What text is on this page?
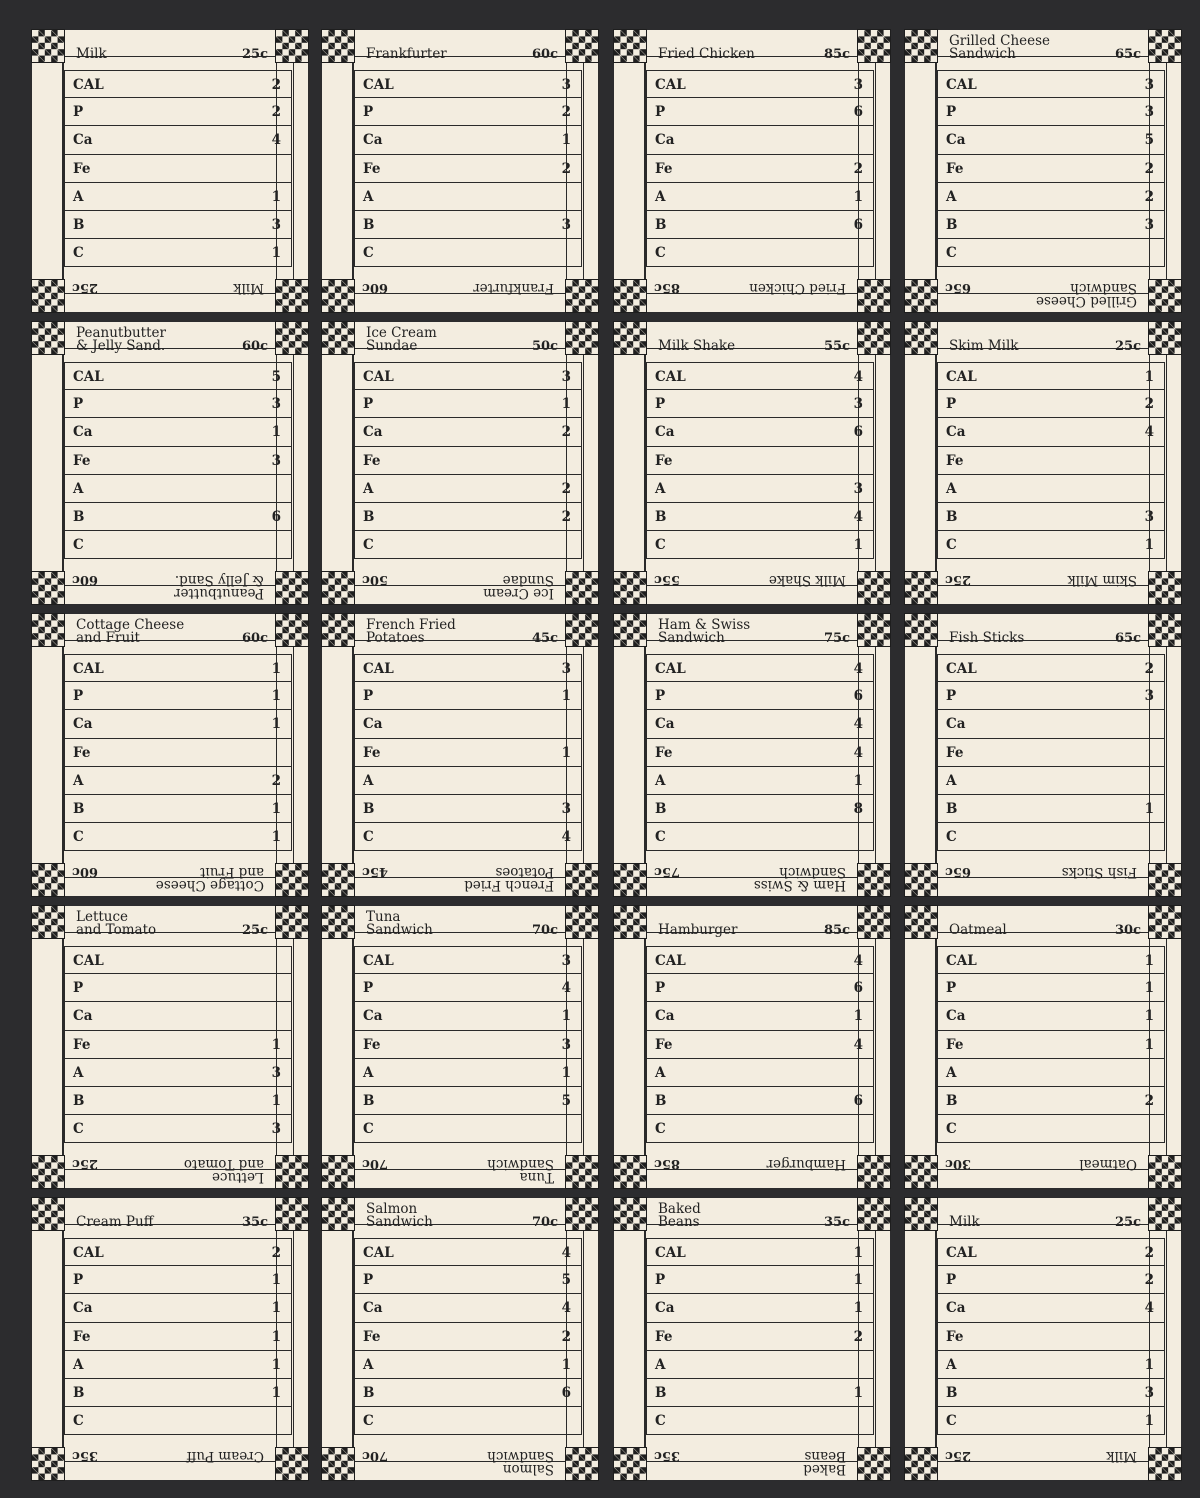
Milk	25c
CAL	2
P	2
Ca	4
Fe
A	1
B	3
C	1
Milk
25c
Frankfurter	60c
CAL	3
P	2
Ca	1
Fe	2
A
B	3
C
Frankfurter
60c
Fried Chicken	85c
CAL	3
P	6
Ca
Fe	2
A	1
B	6
C
Fried Chicken
85c
Grilled Cheese
Sandwich	65c
CAL	3
P	3
Ca	5
Fe	2
A	2
B	3
C
Grilled Cheese
Sandwich
65c
Peanutbutter
& Jelly Sand.	60c
CAL	5
P	3
Ca	1
Fe	3
A
B	6
C
Peanutbutter
& Jelly Sand.
60c
Ice Cream
Sundae	50c
CAL	3
P	1
Ca	2
Fe
A	2
B	2
C
Ice Cream
Sundae
50c
Milk Shake	55c
CAL	4
P	3
Ca	6
Fe
A	3
B	4
C	1
Milk Shake
55c
Skim Milk	25c
CAL	1
P	2
Ca	4
Fe
A
B	3
C	1
Skim Milk
25c
Cottage Cheese
and Fruit	60c
CAL	1
P	1
Ca	1
Fe
A	2
B	1
C	1
Cottage Cheese
and Fruit
60c
French Fried
Potatoes	45c
CAL	3
P	1
Ca
Fe	1
A
B	3
C	4
French Fried
Potatoes
45c
Ham & Swiss
Sandwich	75c
CAL	4
P	6
Ca	4
Fe	4
A	1
B	8
C
Ham & Swiss
Sandwich
75c
Fish Sticks	65c
CAL	2
P	3
Ca
Fe
A
B	1
C
Fish Sticks
65c
Lettuce
and Tomato	25c
CAL
P
Ca
Fe	1
A	3
B	1
C	3
Lettuce
and Tomato
25c
Tuna
Sandwich	70c
CAL	3
P	4
Ca	1
Fe	3
A	1
B	5
C
Tuna
Sandwich
70c
Hamburger	85c
CAL	4
P	6
Ca	1
Fe	4
A
B	6
C
Hamburger
85c
Oatmeal	30c
CAL	1
P	1
Ca	1
Fe	1
A
B	2
C
Oatmeal
30c
Cream Puff	35c
CAL	2
P	1
Ca	1
Fe	1
A	1
B	1
C
Cream Puff
35c
Salmon
Sandwich	70c
CAL	4
P	5
Ca	4
Fe	2
A	1
B	6
C
Salmon
Sandwich
70c
Baked
Beans	35c
CAL	1
P	1
Ca	1
Fe	2
A
B	1
C
Baked
Beans
35c
Milk	25c
CAL	2
P	2
Ca	4
Fe
A	1
B	3
C	1
Milk
25c
